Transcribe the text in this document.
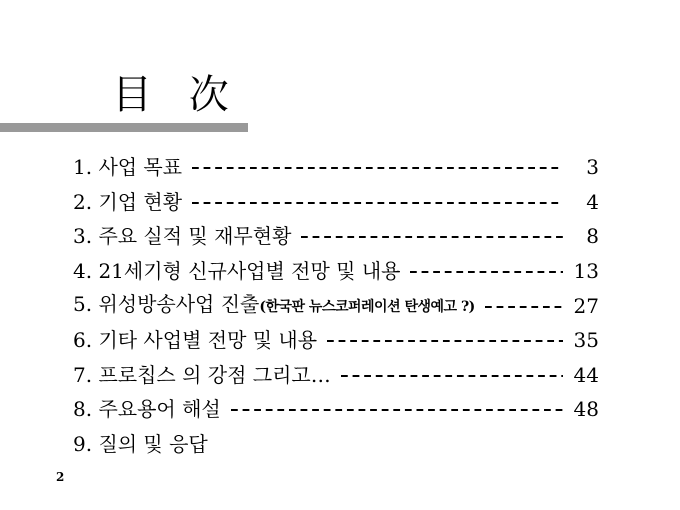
目 次
1. 사업 목표	3
2. 기업 현황	4
3. 주요 실적 및 재무현황	8
4. 21세기형 신규사업별 전망 및 내용	13
5. 위성방송사업 진출(한국판 뉴스코퍼레이션 탄생예고 ?)	27
6. 기타 사업별 전망 및 내용	35
7. 프로칩스 의 강점 그리고…	44
8. 주요용어 해설	48
9. 질의 및 응답
2
